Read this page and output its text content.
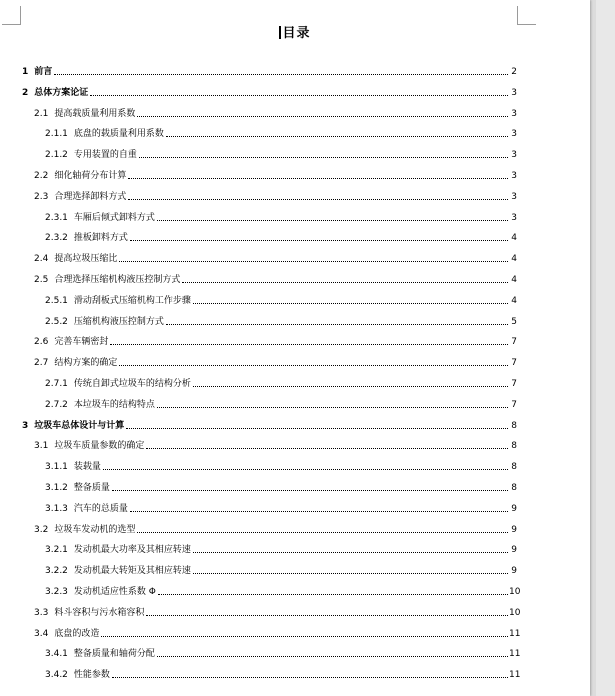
目录
1 前言	2
2 总体方案论证	3
2.1 提高载质量利用系数	3
2.1.1 底盘的载质量利用系数	3
2.1.2 专用装置的自重	3
2.2 细化轴荷分布计算	3
2.3 合理选择卸料方式	3
2.3.1 车厢后倾式卸料方式	3
2.3.2 推板卸料方式	4
2.4 提高垃圾压缩比	4
2.5 合理选择压缩机构液压控制方式	4
2.5.1 滑动刮板式压缩机构工作步骤	4
2.5.2 压缩机构液压控制方式	5
2.6 完善车辆密封	7
2.7 结构方案的确定	7
2.7.1 传统自卸式垃圾车的结构分析	7
2.7.2 本垃圾车的结构特点	7
3 垃圾车总体设计与计算	8
3.1 垃圾车质量参数的确定	8
3.1.1 装载量	8
3.1.2 整备质量	8
3.1.3 汽车的总质量	9
3.2 垃圾车发动机的选型	9
3.2.1 发动机最大功率及其相应转速	9
3.2.2 发动机最大转矩及其相应转速	9
3.2.3 发动机适应性系数 Φ	10
3.3 料斗容积与污水箱容积	10
3.4 底盘的改造	11
3.4.1 整备质量和轴荷分配	11
3.4.2 性能参数	11
